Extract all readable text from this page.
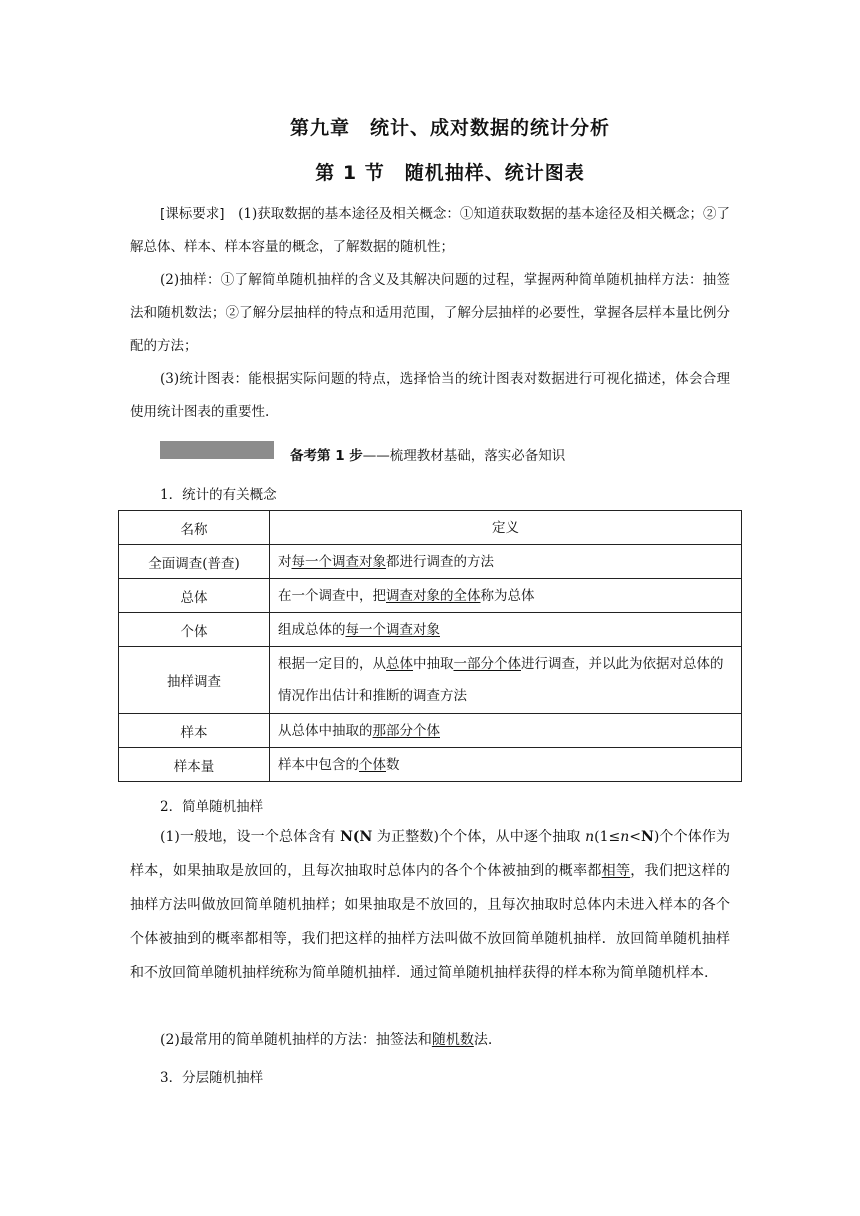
第九章　统计、成对数据的统计分析
第 1 节　随机抽样、统计图表
[课标要求]　 (1)获取数据的基本途径及相关概念：①知道获取数据的基本途径及相关概念；②了解总体、样本、样本容量的概念，了解数据的随机性；
(2)抽样：①了解简单随机抽样的含义及其解决问题的过程，掌握两种简单随机抽样方法：抽签法和随机数法；②了解分层抽样的特点和适用范围，了解分层抽样的必要性，掌握各层样本量比例分配的方法；
(3)统计图表：能根据实际问题的特点，选择恰当的统计图表对数据进行可视化描述，体会合理使用统计图表的重要性.
备考第 1 步——梳理教材基础，落实必备知识
1．统计的有关概念
名称	定义
全面调查(普查)	对每一个调查对象都进行调查的方法
总体	在一个调查中，把调查对象的全体称为总体
个体	组成总体的每一个调查对象
抽样调查	根据一定目的，从总体中抽取一部分个体进行调查，并以此为依据对总体的情况作出估计和推断的调查方法
样本	从总体中抽取的那部分个体
样本量	样本中包含的个体数
2．简单随机抽样
(1)一般地，设一个总体含有 N(N 为正整数)个个体，从中逐个抽取 n(1≤n<N)个个体作为样本，如果抽取是放回的，且每次抽取时总体内的各个个体被抽到的概率都相等，我们把这样的抽样方法叫做放回简单随机抽样；如果抽取是不放回的，且每次抽取时总体内未进入样本的各个个体被抽到的概率都相等，我们把这样的抽样方法叫做不放回简单随机抽样．放回简单随机抽样和不放回简单随机抽样统称为简单随机抽样．通过简单随机抽样获得的样本称为简单随机样本.
(2)最常用的简单随机抽样的方法：抽签法和随机数法.
3．分层随机抽样
